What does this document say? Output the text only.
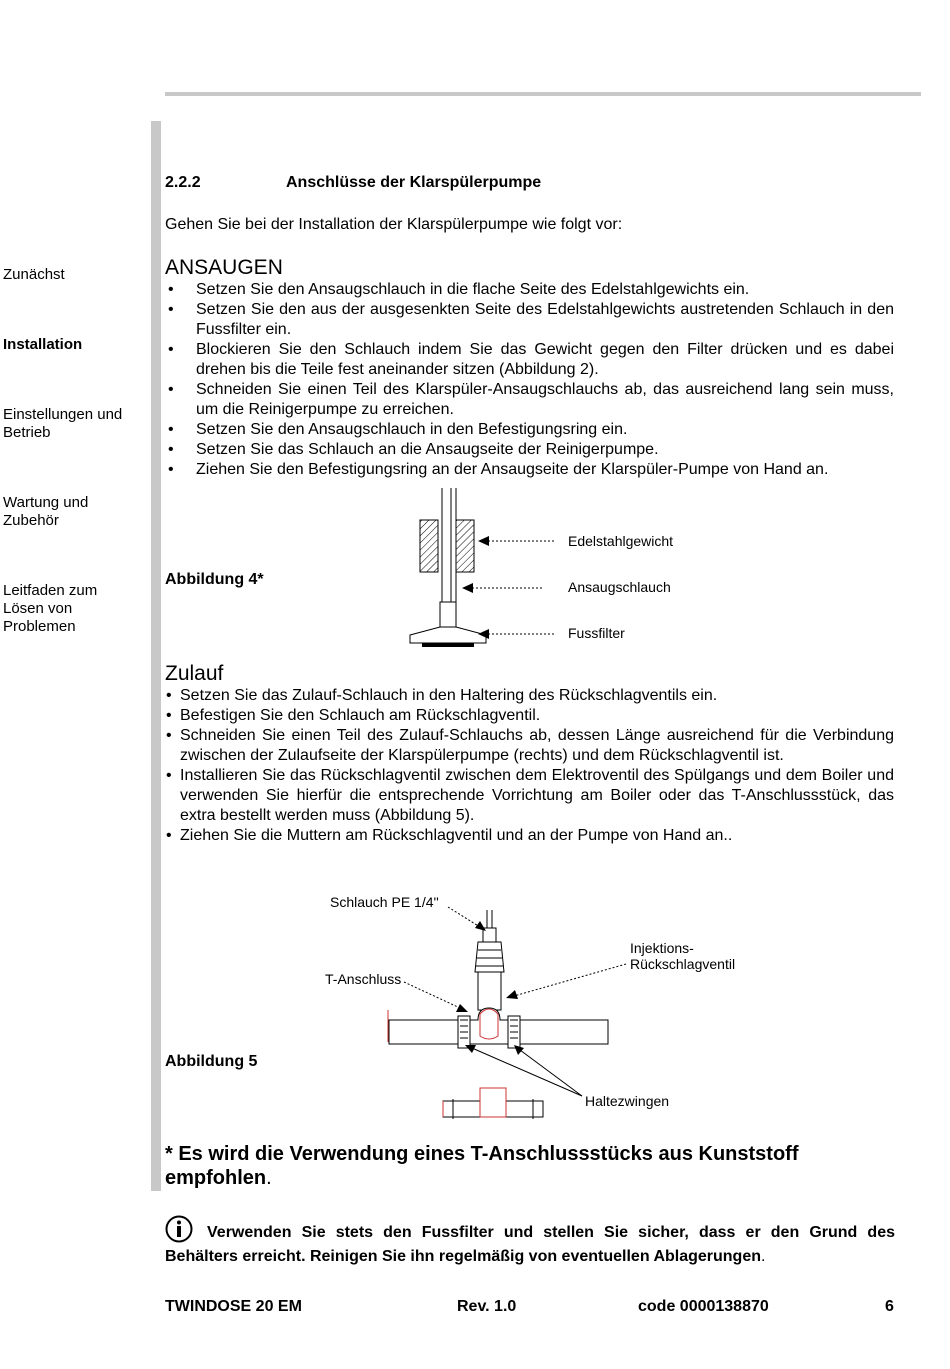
Zunächst
Installation
Einstellungen und Betrieb
Wartung und Zubehör
Leitfaden zum Lösen von Problemen
2.2.2	Anschlüsse der Klarspülerpumpe
Gehen Sie bei der Installation der Klarspülerpumpe wie folgt vor:
ANSAUGEN
• Setzen Sie den Ansaugschlauch in die flache Seite des Edelstahlgewichts ein.
• Setzen Sie den aus der ausgesenkten Seite des Edelstahlgewichts austretenden Schlauch in den Fussfilter ein.
• Blockieren Sie den Schlauch indem Sie das Gewicht gegen den Filter drücken und es dabei drehen bis die Teile fest aneinander sitzen (Abbildung 2).
• Schneiden Sie einen Teil des Klarspüler-Ansaugschlauchs ab, das ausreichend lang sein muss, um die Reinigerpumpe zu erreichen.
• Setzen Sie den Ansaugschlauch in den Befestigungsring ein.
• Setzen Sie das Schlauch an die Ansaugseite der Reinigerpumpe.
• Ziehen Sie den Befestigungsring an der Ansaugseite der Klarspüler-Pumpe von Hand an.
Abbildung 4*
Edelstahlgewicht
Ansaugschlauch
Fussfilter
Zulauf
• Setzen Sie das Zulauf-Schlauch in den Haltering des Rückschlagventils ein.
• Befestigen Sie den Schlauch am Rückschlagventil.
• Schneiden Sie einen Teil des Zulauf-Schlauchs ab, dessen Länge ausreichend für die Verbindung zwischen der Zulaufseite der Klarspülerpumpe (rechts) und dem Rückschlagventil ist.
• Installieren Sie das Rückschlagventil zwischen dem Elektroventil des Spülgangs und dem Boiler und verwenden Sie hierfür die entsprechende Vorrichtung am Boiler oder das T-Anschlussstück, das extra bestellt werden muss (Abbildung 5).
• Ziehen Sie die Muttern am Rückschlagventil und an der Pumpe von Hand an..
Abbildung 5
Schlauch PE 1/4''
T-Anschluss
Injektions-
Rückschlagventil
Haltezwingen
* Es wird die Verwendung eines T-Anschlussstücks aus Kunststoff empfohlen.
Verwenden Sie stets den Fussfilter und stellen Sie sicher, dass er den Grund des Behälters erreicht. Reinigen Sie ihn regelmäßig von eventuellen Ablagerungen.
TWINDOSE 20 EM	Rev. 1.0	code 0000138870	6
